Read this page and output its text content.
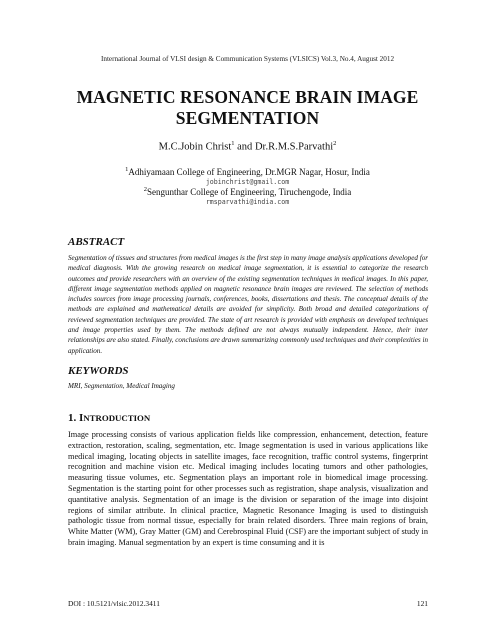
International Journal of VLSI design & Communication Systems (VLSICS) Vol.3, No.4, August 2012
MAGNETIC RESONANCE BRAIN IMAGE
SEGMENTATION
M.C.Jobin Christ$^1$ and Dr.R.M.S.Parvathi$^2$
$^1$Adhiyamaan College of Engineering, Dr.MGR Nagar, Hosur, India
jobinchrist@gmail.com
$^2$Sengunthar College of Engineering, Tiruchengode, India
rmsparvathi@india.com
ABSTRACT
Segmentation of tissues and structures from medical images is the first step in many image analysis applications developed for medical diagnosis. With the growing research on medical image segmentation, it is essential to categorize the research outcomes and provide researchers with an overview of the existing segmentation techniques in medical images. In this paper, different image segmentation methods applied on magnetic resonance brain images are reviewed. The selection of methods includes sources from image processing journals, conferences, books, dissertations and thesis. The conceptual details of the methods are explained and mathematical details are avoided for simplicity. Both broad and detailed categorizations of reviewed segmentation techniques are provided. The state of art research is provided with emphasis on developed techniques and image properties used by them. The methods defined are not always mutually independent. Hence, their inter relationships are also stated. Finally, conclusions are drawn summarizing commonly used techniques and their complexities in application.
KEYWORDS
MRI, Segmentation, Medical Imaging
1. INTRODUCTION
Image processing consists of various application fields like compression, enhancement, detection, feature extraction, restoration, scaling, segmentation, etc. Image segmentation is used in various applications like medical imaging, locating objects in satellite images, face recognition, traffic control systems, fingerprint recognition and machine vision etc. Medical imaging includes locating tumors and other pathologies, measuring tissue volumes, etc. Segmentation plays an important role in biomedical image processing. Segmentation is the starting point for other processes such as registration, shape analysis, visualization and quantitative analysis. Segmentation of an image is the division or separation of the image into disjoint regions of similar attribute. In clinical practice, Magnetic Resonance Imaging is used to distinguish pathologic tissue from normal tissue, especially for brain related disorders. Three main regions of brain, White Matter (WM), Gray Matter (GM) and Cerebrospinal Fluid (CSF) are the important subject of study in brain imaging. Manual segmentation by an expert is time consuming and it is
DOI : 10.5121/vlsic.2012.3411	121
